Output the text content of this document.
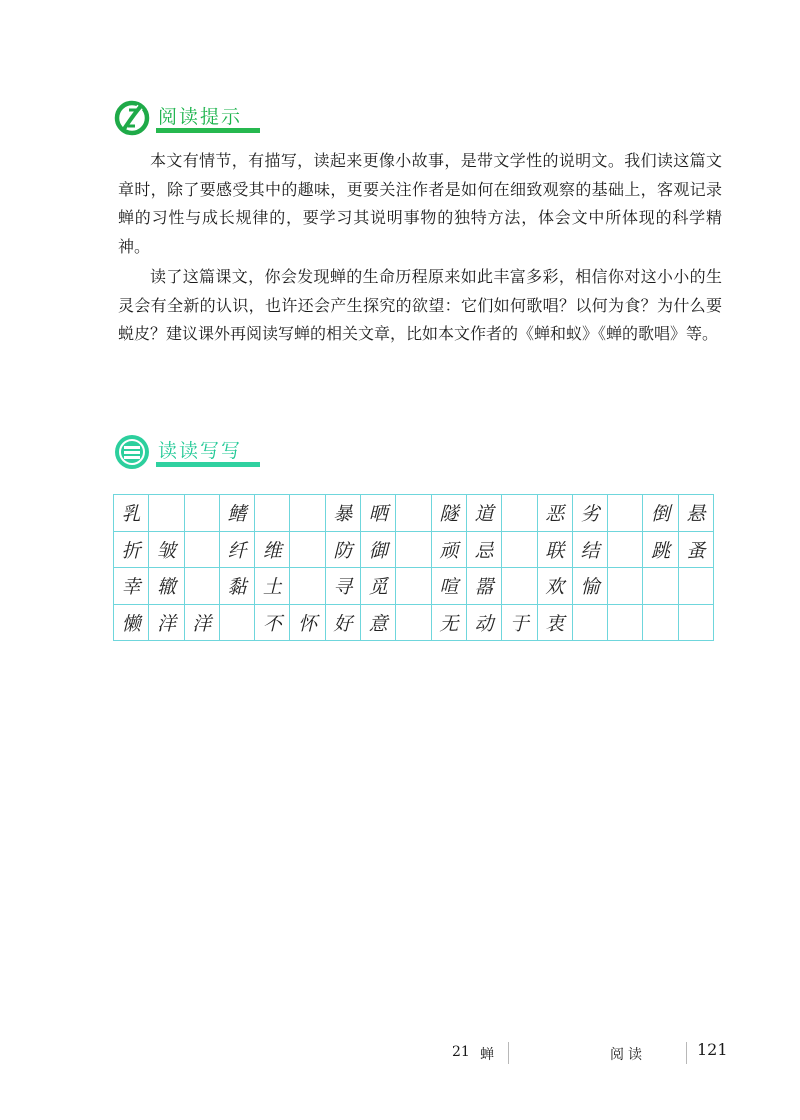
阅读提示

本文有情节，有描写，读起来更像小故事，是带文学性的说明文。我们读这篇文章时，除了要感受其中的趣味，更要关注作者是如何在细致观察的基础上，客观记录蝉的习性与成长规律的，要学习其说明事物的独特方法，体会文中所体现的科学精神。

读了这篇课文，你会发现蝉的生命历程原来如此丰富多彩，相信你对这小小的生灵会有全新的认识，也许还会产生探究的欲望：它们如何歌唱？以何为食？为什么要蜕皮？建议课外再阅读写蝉的相关文章，比如本文作者的《蝉和蚁》《蝉的歌唱》等。

读读写写
乳			鳍			暴	晒		隧	道		恶	劣		倒	悬
折	皱		纤	维		防	御		顽	忌		联	结		跳	蚤
幸	辙		黏	土		寻	觅		喧	嚣		欢	愉			
懒	洋	洋		不	怀	好	意		无	动	于	衷				
21 蝉	阅读	121
